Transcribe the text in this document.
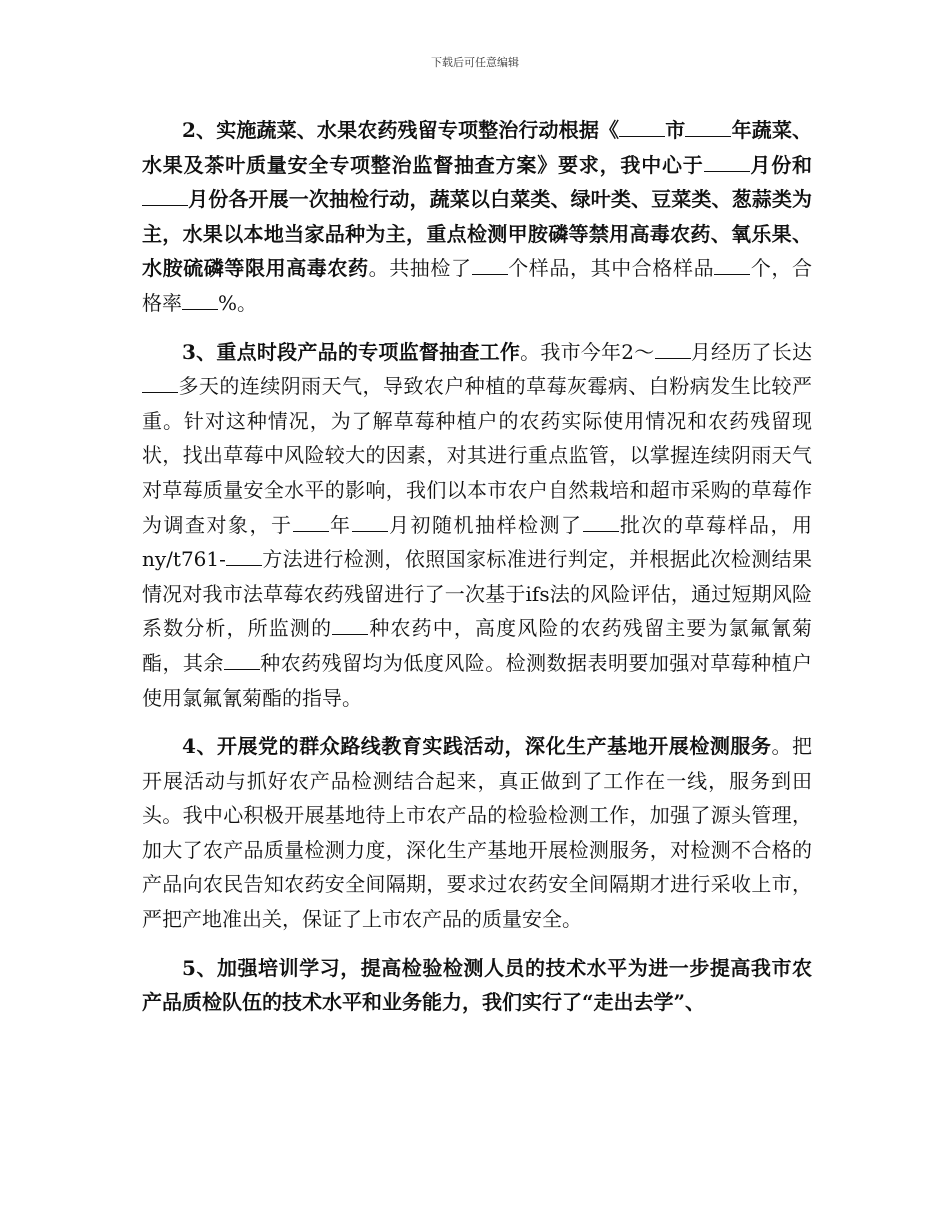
下载后可任意编辑

2、实施蔬菜、水果农药残留专项整治行动根据《 市 年蔬菜、水果及茶叶质量安全专项整治监督抽查方案》要求，我中心于 月份和月份各开展一次抽检行动，蔬菜以白菜类、绿叶类、豆菜类、葱蒜类为主，水果以本地当家品种为主，重点检测甲胺磷等禁用高毒农药、氧乐果、水胺硫磷等限用高毒农药。共抽检了 个样品，其中合格样品 个，合格率 %。

3、重点时段产品的专项监督抽查工作。我市今年2～ 月经历了长达多天的连续阴雨天气，导致农户种植的草莓灰霉病、白粉病发生比较严重。针对这种情况，为了解草莓种植户的农药实际使用情况和农药残留现状，找出草莓中风险较大的因素，对其进行重点监管，以掌握连续阴雨天气对草莓质量安全水平的影响，我们以本市农户自然栽培和超市采购的草莓作为调查对象，于 年 月初随机抽样检测了 批次的草莓样品，用ny/t761- 方法进行检测，依照国家标准进行判定，并根据此次检测结果情况对我市法草莓农药残留进行了一次基于ifs法的风险评估，通过短期风险系数分析，所监测的 种农药中，高度风险的农药残留主要为氯氟氰菊酯，其余 种农药残留均为低度风险。检测数据表明要加强对草莓种植户使用氯氟氰菊酯的指导。

4、开展党的群众路线教育实践活动，深化生产基地开展检测服务。把开展活动与抓好农产品检测结合起来，真正做到了工作在一线，服务到田头。我中心积极开展基地待上市农产品的检验检测工作，加强了源头管理，加大了农产品质量检测力度，深化生产基地开展检测服务，对检测不合格的产品向农民告知农药安全间隔期，要求过农药安全间隔期才进行采收上市，严把产地准出关，保证了上市农产品的质量安全。

5、加强培训学习，提高检验检测人员的技术水平为进一步提高我市农产品质检队伍的技术水平和业务能力，我们实行了“走出去学”、
